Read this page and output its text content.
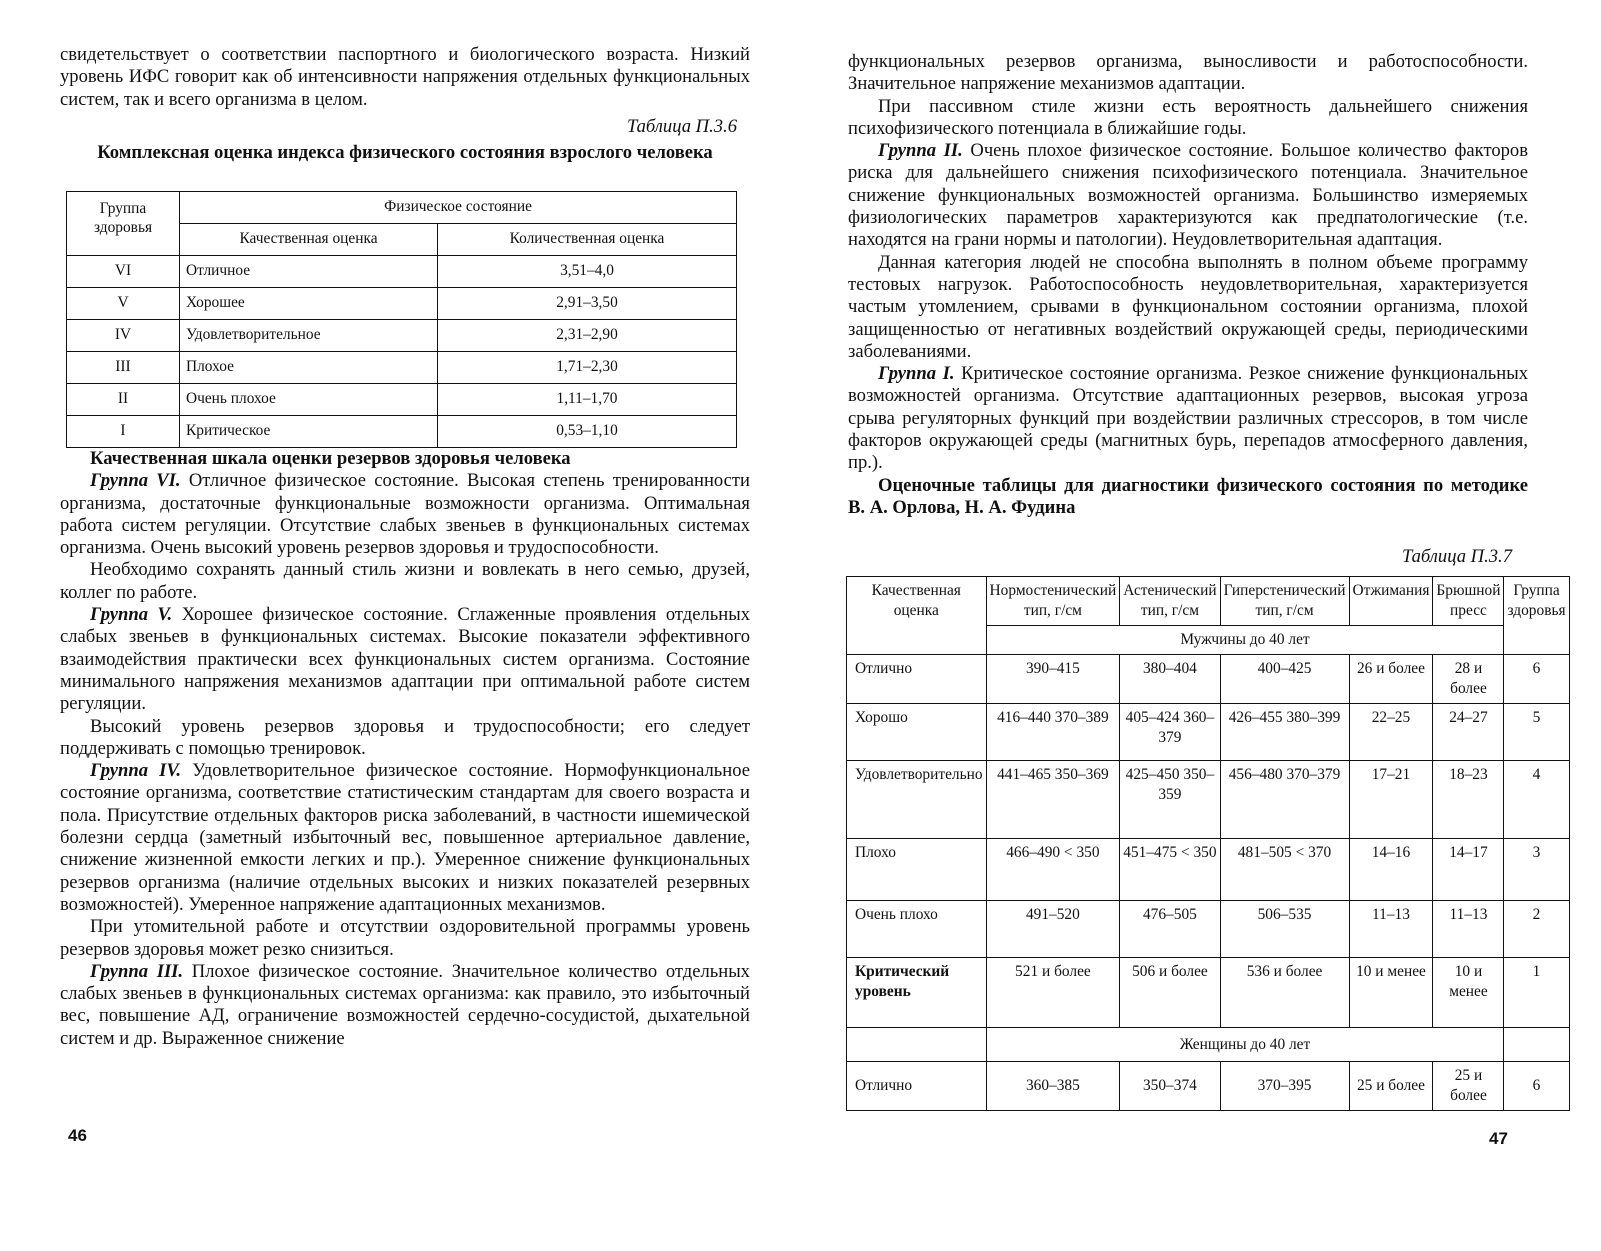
свидетельствует о соответствии паспортного и биологического возраста. Низкий уровень ИФС говорит как об интенсивности напряжения отдельных функциональных систем, так и всего организма в целом.

Таблица П.3.6
Комплексная оценка индекса физического состояния взрослого человека
Группа здоровья	Физическое состояние	
	Качественная оценка	Количественная оценка
VI	Отличное	3,51–4,0
V	Хорошее	2,91–3,50
IV	Удовлетворительное	2,31–2,90
III	Плохое	1,71–2,30
II	Очень плохое	1,11–1,70
I	Критическое	0,53–1,10
Качественная шкала оценки резервов здоровья человека

Группа VI. Отличное физическое состояние. Высокая степень тренированности организма, достаточные функциональные возможности организма. Оптимальная работа систем регуляции. Отсутствие слабых звеньев в функциональных системах организма. Очень высокий уровень резервов здоровья и трудоспособности.

Необходимо сохранять данный стиль жизни и вовлекать в него семью, друзей, коллег по работе.

Группа V. Хорошее физическое состояние. Сглаженные проявления отдельных слабых звеньев в функциональных системах. Высокие показатели эффективного взаимодействия практически всех функциональных систем организма. Состояние минимального напряжения механизмов адаптации при оптимальной работе систем регуляции.

Высокий уровень резервов здоровья и трудоспособности; его следует поддерживать с помощью тренировок.

Группа IV. Удовлетворительное физическое состояние. Нормофункциональное состояние организма, соответствие статистическим стандартам для своего возраста и пола. Присутствие отдельных факторов риска заболеваний, в частности ишемической болезни сердца (заметный избыточный вес, повышенное артериальное давление, снижение жизненной емкости легких и пр.). Умеренное снижение функциональных резервов организма (наличие отдельных высоких и низких показателей резервных возможностей). Умеренное напряжение адаптационных механизмов.

При утомительной работе и отсутствии оздоровительной программы уровень резервов здоровья может резко снизиться.

Группа III. Плохое физическое состояние. Значительное количество отдельных слабых звеньев в функциональных системах организма: как правило, это избыточный вес, повышение АД, ограничение возможностей сердечно-сосудистой, дыхательной систем и др. Выраженное снижение

46

функциональных резервов организма, выносливости и работоспособности. Значительное напряжение механизмов адаптации.

При пассивном стиле жизни есть вероятность дальнейшего снижения психофизического потенциала в ближайшие годы.

Группа II. Очень плохое физическое состояние. Большое количество факторов риска для дальнейшего снижения психофизического потенциала. Значительное снижение функциональных возможностей организма. Большинство измеряемых физиологических параметров характеризуются как предпатологические (т.е. находятся на грани нормы и патологии). Неудовлетворительная адаптация.

Данная категория людей не способна выполнять в полном объеме программу тестовых нагрузок. Работоспособность неудовлетворительная, характеризуется частым утомлением, срывами в функциональном состоянии организма, плохой защищенностью от негативных воздействий окружающей среды, периодическими заболеваниями.

Группа I. Критическое состояние организма. Резкое снижение функциональных возможностей организма. Отсутствие адаптационных резервов, высокая угроза срыва регуляторных функций при воздействии различных стрессоров, в том числе факторов окружающей среды (магнитных бурь, перепадов атмосферного давления, пр.).

Оценочные таблицы для диагностики физического состояния по методике В. А. Орлова, Н. А. Фудина
Таблица П.3.7
Качественная оценка	Нормостенический тип, г/см	Астенический тип, г/см	Гиперстенический тип, г/см	Отжимания	Брюшной пресс	Группа здоровья
	Мужчины до 40 лет					
Отлично	390–415	380–404	400–425	26 и более	28 и более	6
Хорошо	416–440 370–389	405–424 360–379	426–455 380–399	22–25	24–27	5
Удовлетворительно	441–465 350–369	425–450 350–359	456–480 370–379	17–21	18–23	4
Плохо	466–490 < 350	451–475 < 350	481–505 < 370	14–16	14–17	3
Очень плохо	491–520	476–505	506–535	11–13	11–13	2
Критический уровень	521 и более	506 и более	536 и более	10 и менее	10 и менее	1
	Женщины до 40 лет					
Отлично	360–385	350–374	370–395	25 и более	25 и более	6
47
